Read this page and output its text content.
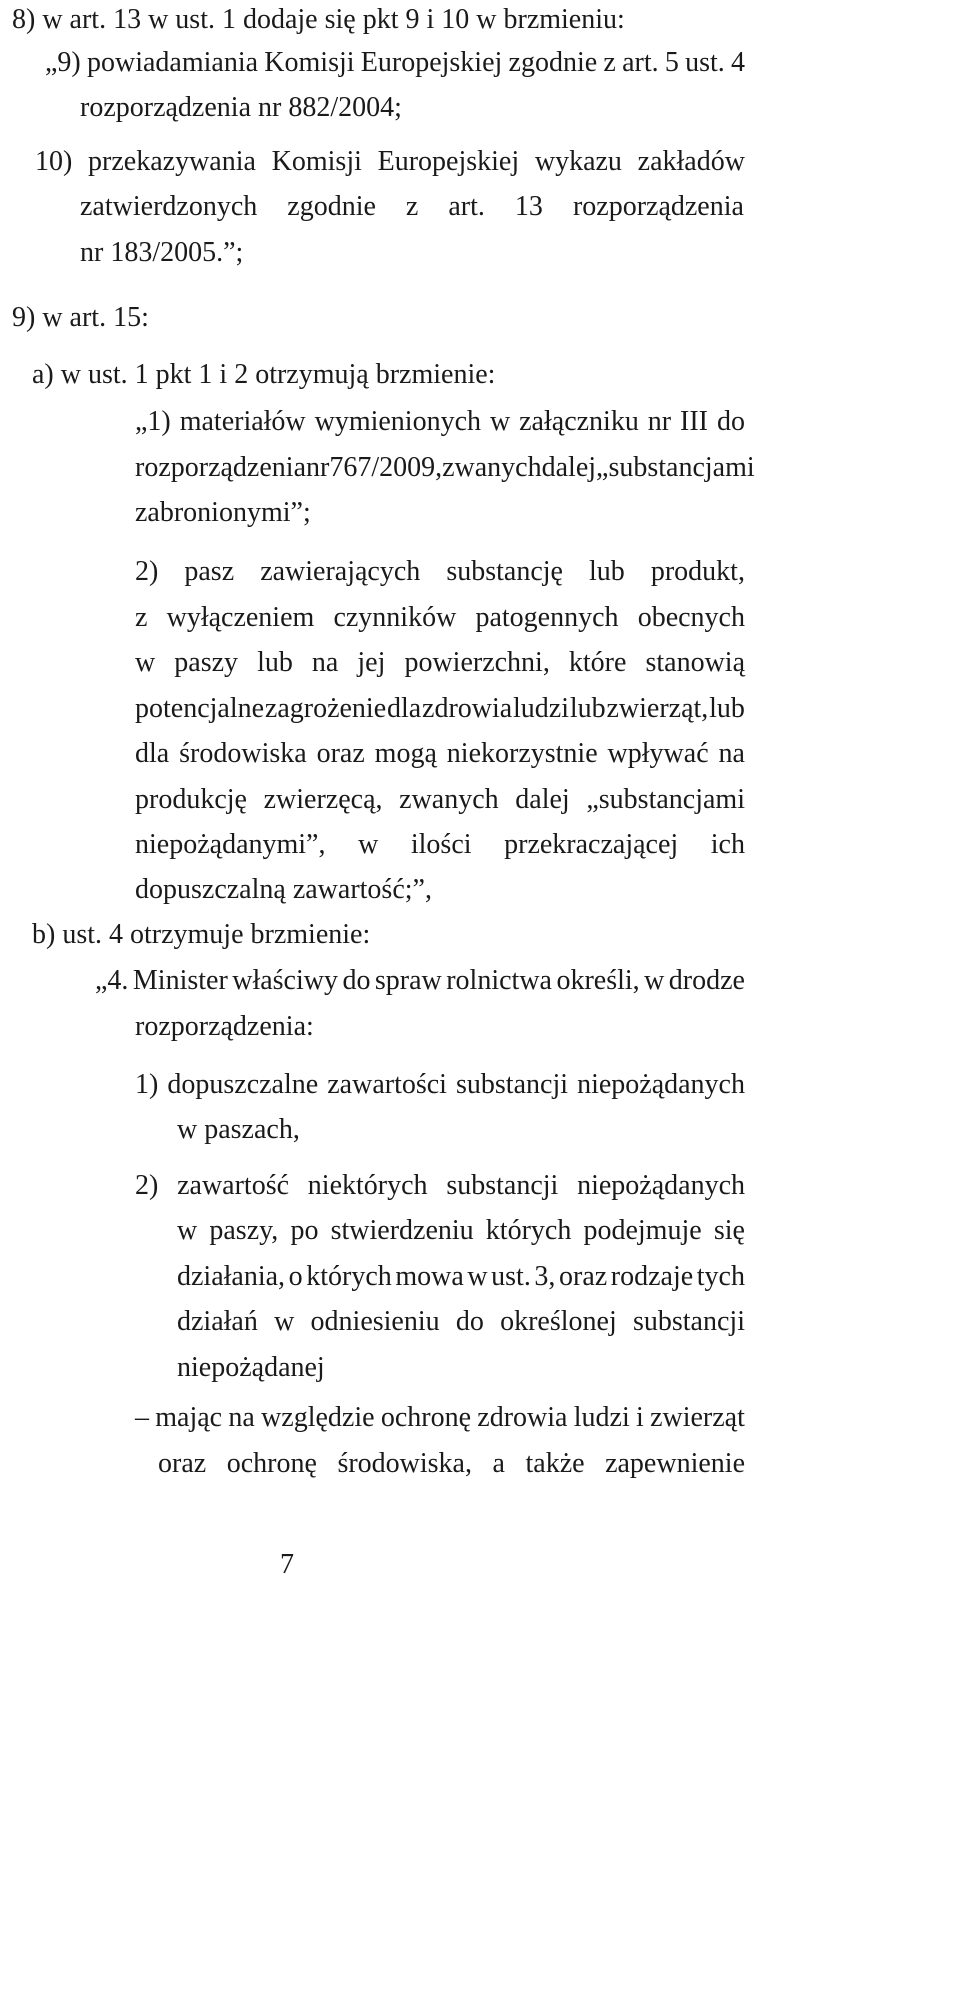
8) w art. 13 w ust. 1 dodaje się pkt 9 i 10 w brzmieniu:
„9) powiadamiania Komisji Europejskiej zgodnie z art. 5 ust. 4
rozporządzenia nr 882/2004;
10) przekazywania Komisji Europejskiej wykazu zakładów
zatwierdzonych zgodnie z art. 13 rozporządzenia
nr 183/2005.”;
9) w art. 15:
a) w ust. 1 pkt 1 i 2 otrzymują brzmienie:
„1) materiałów wymienionych w załączniku nr III do
rozporządzenia nr 767/2009, zwanych dalej „substancjami
zabronionymi”;
2) pasz zawierających substancję lub produkt,
z wyłączeniem czynników patogennych obecnych
w paszy lub na jej powierzchni, które stanowią
potencjalne zagrożenie dla zdrowia ludzi lub zwierząt, lub
dla środowiska oraz mogą niekorzystnie wpływać na
produkcję zwierzęcą, zwanych dalej „substancjami
niepożądanymi”, w ilości przekraczającej ich
dopuszczalną zawartość;”,
b) ust. 4 otrzymuje brzmienie:
„4. Minister właściwy do spraw rolnictwa określi, w drodze
rozporządzenia:
1) dopuszczalne zawartości substancji niepożądanych
w paszach,
2) zawartość niektórych substancji niepożądanych
w paszy, po stwierdzeniu których podejmuje się
działania, o których mowa w ust. 3, oraz rodzaje tych
działań w odniesieniu do określonej substancji
niepożądanej
– mając na względzie ochronę zdrowia ludzi i zwierząt
oraz ochronę środowiska, a także zapewnienie
7
